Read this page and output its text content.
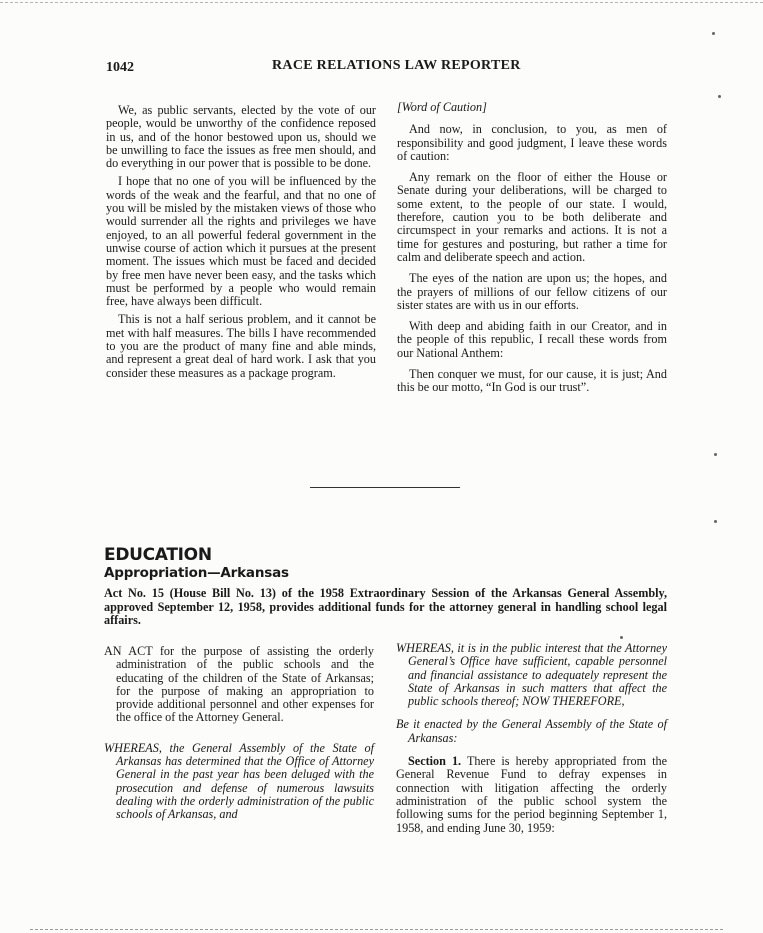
1042	RACE RELATIONS LAW REPORTER

We, as public servants, elected by the vote of our people, would be unworthy of the confidence reposed in us, and of the honor bestowed upon us, should we be unwilling to face the issues as free men should, and do everything in our power that is possible to be done.

I hope that no one of you will be influenced by the words of the weak and the fearful, and that no one of you will be misled by the mistaken views of those who would surrender all the rights and privileges we have enjoyed, to an all powerful federal government in the unwise course of action which it pursues at the present moment. The issues which must be faced and decided by free men have never been easy, and the tasks which must be performed by a people who would remain free, have always been difficult.

This is not a half serious problem, and it cannot be met with half measures. The bills I have recommended to you are the product of many fine and able minds, and represent a great deal of hard work. I ask that you consider these measures as a package program.

[Word of Caution]

And now, in conclusion, to you, as men of responsibility and good judgment, I leave these words of caution:

Any remark on the floor of either the House or Senate during your deliberations, will be charged to some extent, to the people of our state. I would, therefore, caution you to be both deliberate and circumspect in your remarks and actions. It is not a time for gestures and posturing, but rather a time for calm and deliberate speech and action.

The eyes of the nation are upon us; the hopes, and the prayers of millions of our fellow citizens of our sister states are with us in our efforts.

With deep and abiding faith in our Creator, and in the people of this republic, I recall these words from our National Anthem:

Then conquer we must, for our cause, it is just; And this be our motto, “In God is our trust”.

EDUCATION
Appropriation—Arkansas
Act No. 15 (House Bill No. 13) of the 1958 Extraordinary Session of the Arkansas General Assembly, approved September 12, 1958, provides additional funds for the attorney general in handling school legal affairs.

AN ACT for the purpose of assisting the orderly administration of the public schools and the educating of the children of the State of Arkansas; for the purpose of making an appropriation to provide additional personnel and other expenses for the office of the Attorney General.

WHEREAS, the General Assembly of the State of Arkansas has determined that the Office of Attorney General in the past year has been deluged with the prosecution and defense of numerous lawsuits dealing with the orderly administration of the public schools of Arkansas, and

WHEREAS, it is in the public interest that the Attorney General’s Office have sufficient, capable personnel and financial assistance to adequately represent the State of Arkansas in such matters that affect the public schools thereof; NOW THEREFORE,

Be it enacted by the General Assembly of the State of Arkansas:

Section 1. There is hereby appropriated from the General Revenue Fund to defray expenses in connection with litigation affecting the orderly administration of the public school system the following sums for the period beginning September 1, 1958, and ending June 30, 1959:
